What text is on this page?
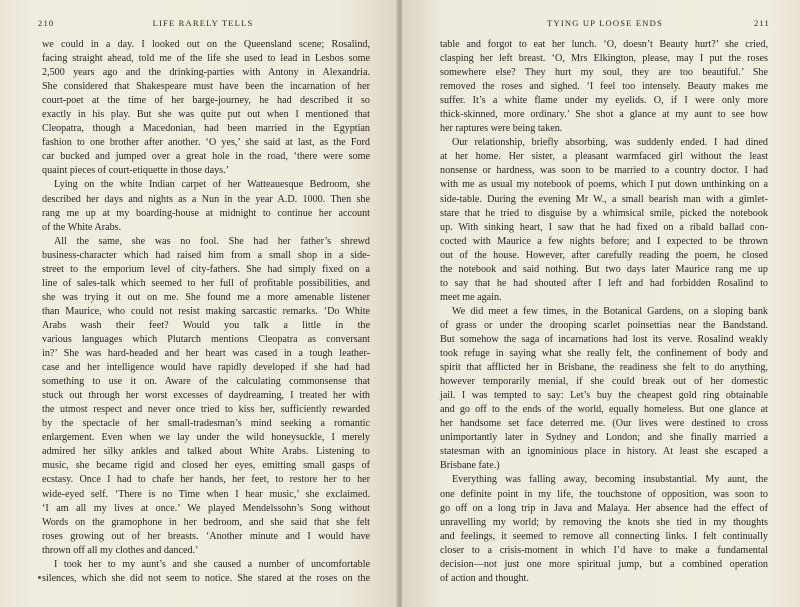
210	LIFE RARELY TELLS
we could in a day. I looked out on the Queensland scene; Rosalind,
facing straight ahead, told me of the life she used to lead in Lesbos some
2,500 years ago and the drinking-parties with Antony in Alexandria.
She considered that Shakespeare must have been the incarnation of her
court-poet at the time of her barge-journey, he had described it so
exactly in his play. But she was quite put out when I mentioned that
Cleopatra, though a Macedonian, had been married in the Egyptian
fashion to one brother after another. ‘O yes,’ she said at last, as the Ford
car bucked and jumped over a great hole in the road, ‘there were some
quaint pieces of court-etiquette in those days.’
Lying on the white Indian carpet of her Watteauesque Bedroom, she
described her days and nights as a Nun in the year A.D. 1000. Then she
rang me up at my boarding-house at midnight to continue her account
of the White Arabs.
All the same, she was no fool. She had her father’s shrewd
business-character which had raised him from a small shop in a side-
street to the emporium level of city-fathers. She had simply fixed on a
line of sales-talk which seemed to her full of profitable possibilities, and
she was trying it out on me. She found me a more amenable listener
than Maurice, who could not resist making sarcastic remarks. ‘Do White
Arabs wash their feet? Would you talk a little in the
various languages which Plutarch mentions Cleopatra as conversant
in?’ She was hard-headed and her heart was cased in a tough leather-
case and her intelligence would have rapidly developed if she had had
something to use it on. Aware of the calculating commonsense that
stuck out through her worst excesses of daydreaming, I treated her with
the utmost respect and never once tried to kiss her, sufficiently rewarded
by the spectacle of her small-tradesman’s mind seeking a romantic
enlargement. Even when we lay under the wild honeysuckle, I merely
admired her silky ankles and talked about White Arabs. Listening to
music, she became rigid and closed her eyes, emitting small gasps of
ecstasy. Once I had to chafe her hands, her feet, to restore her to her
wide-eyed self. ‘There is no Time when I hear music,’ she exclaimed.
‘I am all my lives at once.’ We played Mendelssohn’s Song without
Words on the gramophone in her bedroom, and she said that she felt
roses growing out of her breasts. ‘Another minute and I would have
thrown off all my clothes and danced.’
I took her to my aunt’s and she caused a number of uncomfortable
silences, which she did not seem to notice. She stared at the roses on the
TYING UP LOOSE ENDS	211
table and forgot to eat her lunch. ‘O, doesn’t Beauty hurt?’ she cried,
clasping her left breast. ‘O, Mrs Elkington, please, may I put the roses
somewhere else? They hurt my soul, they are too beautiful.’ She
removed the roses and sighed. ‘I feel too intensely. Beauty makes me
suffer. It’s a white flame under my eyelids. O, if I were only more
thick-skinned, more ordinary.’ She shot a glance at my aunt to see how
her raptures were being taken.
Our relationship, briefly absorbing, was suddenly ended. I had dined
at her home. Her sister, a pleasant warmfaced girl without the least
nonsense or hardness, was soon to be married to a country doctor. I had
with me as usual my notebook of poems, which I put down unthinking on a
side-table. During the evening Mr W., a small bearish man with a gimlet-
stare that he tried to disguise by a whimsical smile, picked the notebook
up. With sinking heart, I saw that he had fixed on a ribald ballad con-
cocted with Maurice a few nights before; and I expected to be thrown
out of the house. However, after carefully reading the poem, he closed
the notebook and said nothing. But two days later Maurice rang me up
to say that he had shouted after I left and had forbidden Rosalind to
meet me again.
We did meet a few times, in the Botanical Gardens, on a sloping bank
of grass or under the drooping scarlet poinsettias near the Bandstand.
But somehow the saga of incarnations had lost its verve. Rosalind weakly
took refuge in saying what she really felt, the confinement of body and
spirit that afflicted her in Brisbane, the readiness she felt to do anything,
however temporarily menial, if she could break out of her domestic
jail. I was tempted to say: Let’s buy the cheapest gold ring obtainable
and go off to the ends of the world, equally homeless. But one glance at
her handsome set face deterred me. (Our lives were destined to cross
unimportantly later in Sydney and London; and she finally married a
statesman with an ignominious place in history. At least she escaped a
Brisbane fate.)
Everything was falling away, becoming insubstantial. My aunt, the
one definite point in my life, the touchstone of opposition, was soon to
go off on a long trip in Java and Malaya. Her absence had the effect of
unravelling my world; by removing the knots she tied in my thoughts
and feelings, it seemed to remove all connecting links. I felt continually
closer to a crisis-moment in which I’d have to make a fundamental
decision—not just one more spiritual jump, but a combined operation
of action and thought.
